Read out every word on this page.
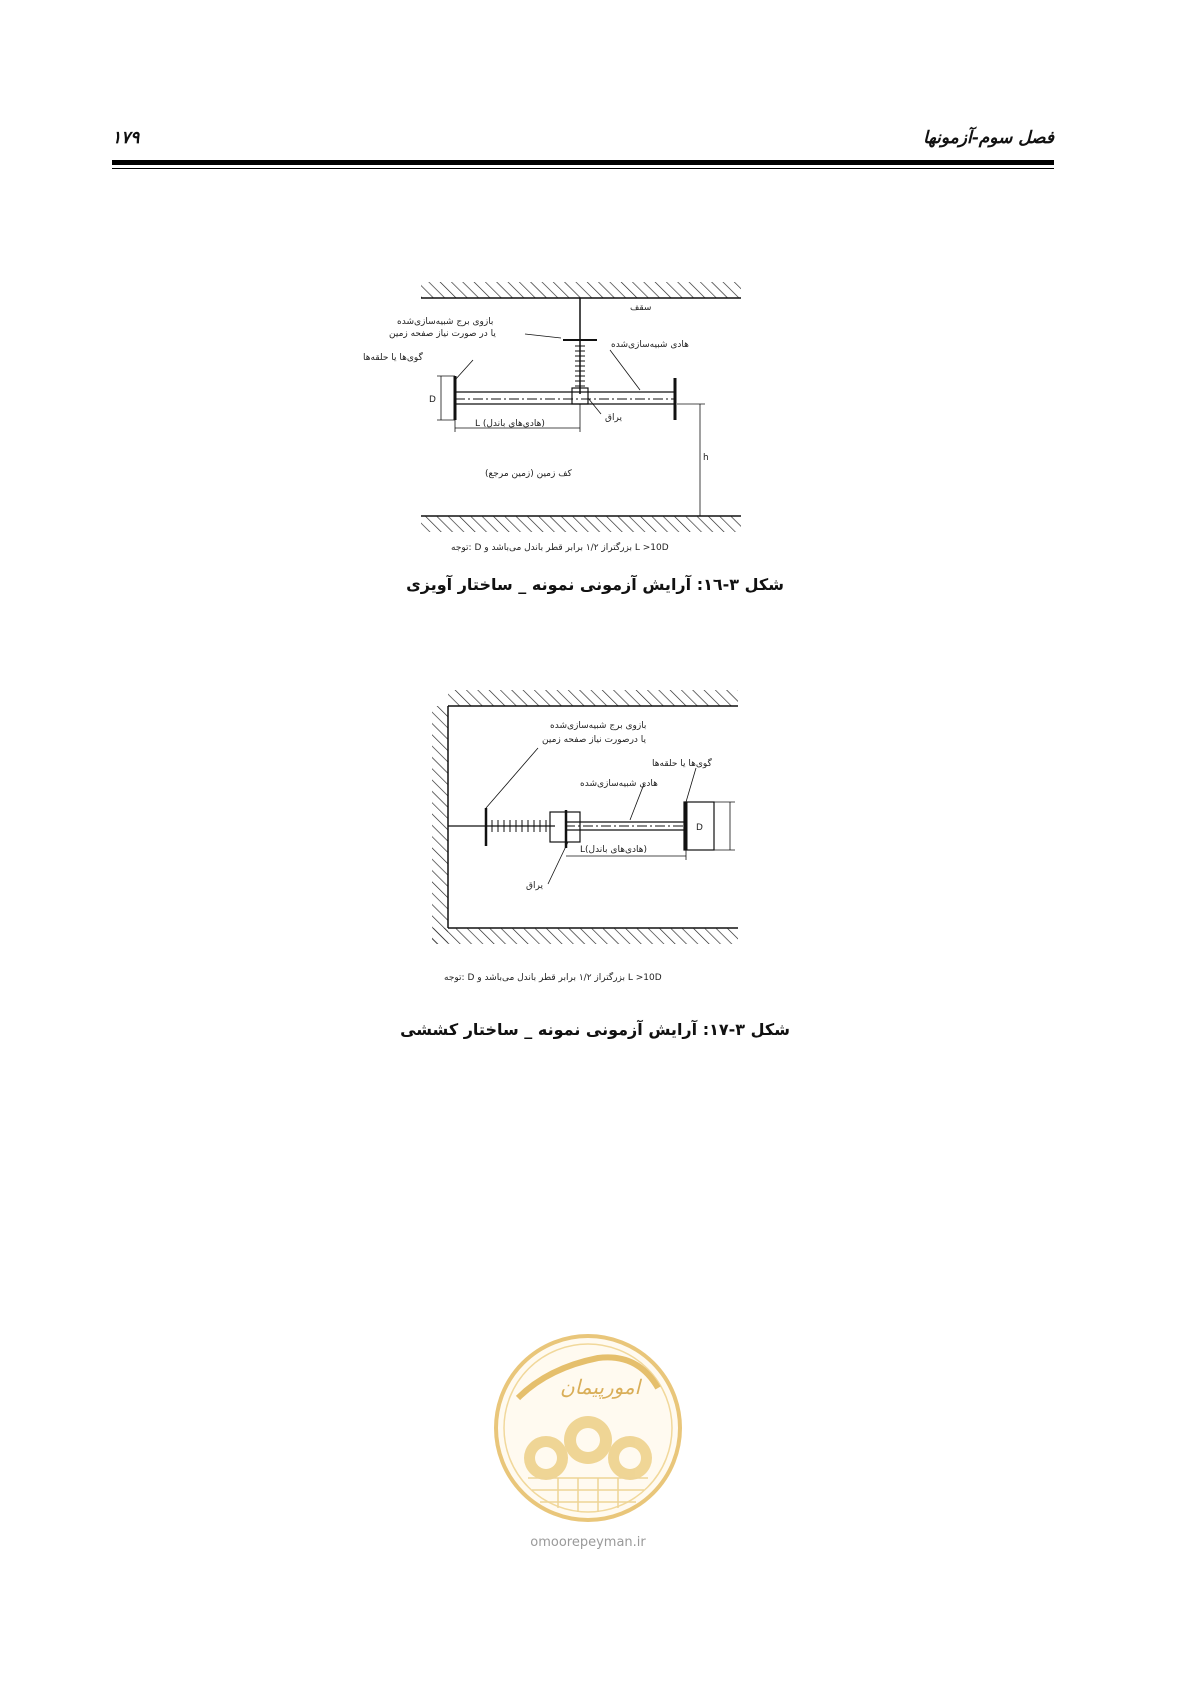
فصل سوم-آزمونها
۱۷۹
D
L (هادی‌های باندل)
h
سقف
بازوی برج شبیه‌سازی‌شده
یا در صورت نیاز صفحه زمین
گوی‌ها یا حلقه‌ها
هادی شبیه‌سازی‌شده
یراق
کف زمین (زمین مرجع)
توجه: D بزرگتراز ۱/۲ برابر قطر باندل می‌باشد و L >10D
شکل ۳-۱٦: آرایش آزمونی نمونه _ ساختار آویزی
D
L(هادی‌های باندل)
بازوی برج شبیه‌سازی‌شده
یا درصورت نیاز صفحه زمین
گوی‌ها یا حلقه‌ها
هادی شبیه‌سازی‌شده
یراق
توجه: D بزرگتراز ۱/۲ برابر قطر باندل می‌باشد و L >10D
شکل ۳-۱۷: آرایش آزمونی نمونه _ ساختار کششی
امورپیمان
omoorepeyman.ir
